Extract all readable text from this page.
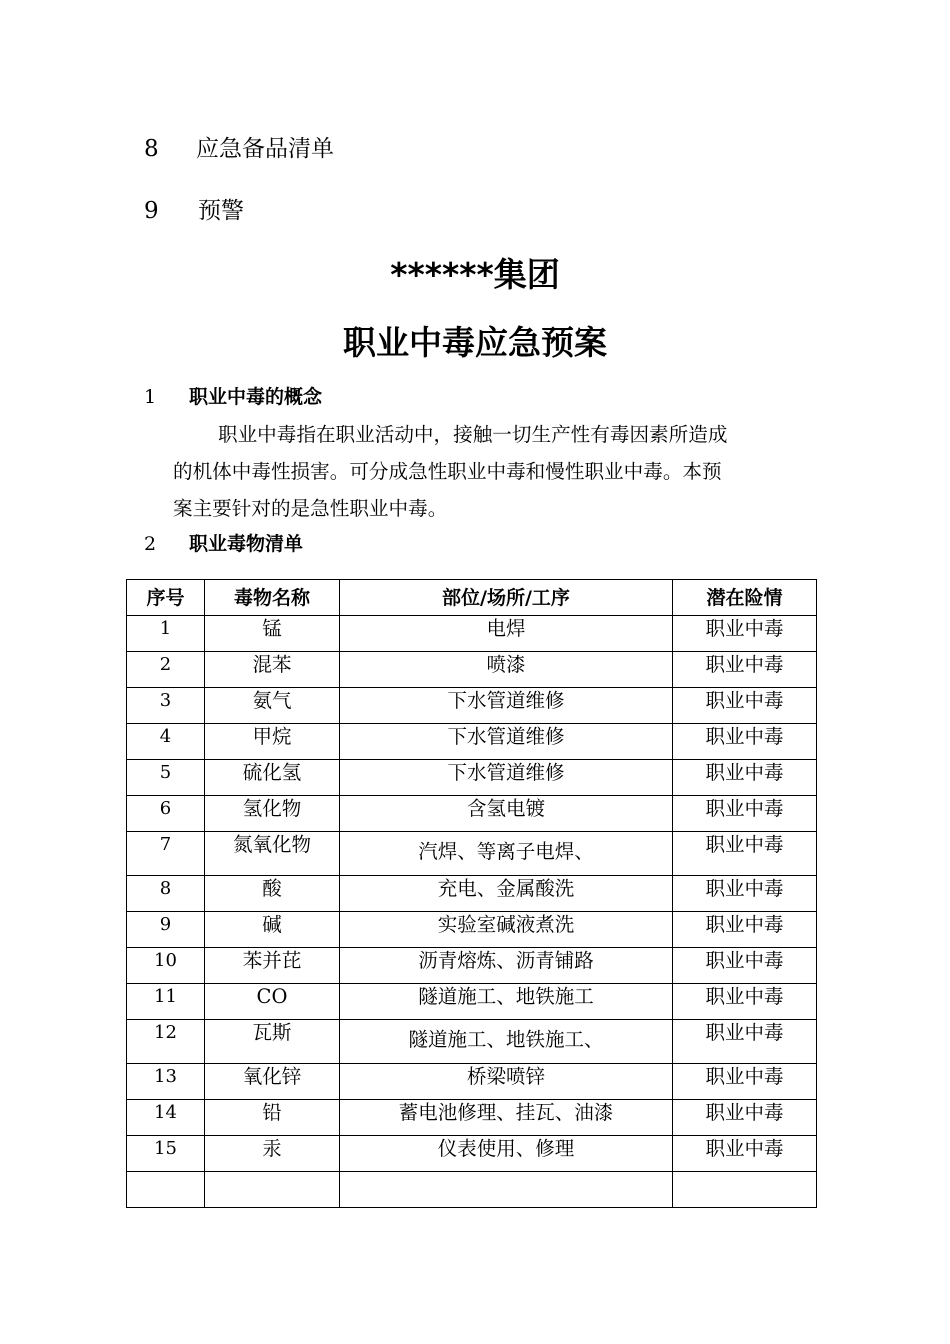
8 应急备品清单
9 预警
******集团
职业中毒应急预案
1 职业中毒的概念
职业中毒指在职业活动中，接触一切生产性有毒因素所造成
的机体中毒性损害。可分成急性职业中毒和慢性职业中毒。本预
案主要针对的是急性职业中毒。
2 职业毒物清单
序号	毒物名称	部位/场所/工序	潜在险情
1	锰	电焊	职业中毒
2	混苯	喷漆	职业中毒
3	氨气	下水管道维修	职业中毒
4	甲烷	下水管道维修	职业中毒
5	硫化氢	下水管道维修	职业中毒
6	氢化物	含氢电镀	职业中毒
7	氮氧化物	汽焊、等离子电焊、	职业中毒
8	酸	充电、金属酸洗	职业中毒
9	碱	实验室碱液煮洗	职业中毒
10	苯并芘	沥青熔炼、沥青铺路	职业中毒
11	CO	隧道施工、地铁施工	职业中毒
12	瓦斯	隧道施工、地铁施工、	职业中毒
13	氧化锌	桥梁喷锌	职业中毒
14	铅	蓄电池修理、挂瓦、油漆	职业中毒
15	汞	仪表使用、修理	职业中毒
